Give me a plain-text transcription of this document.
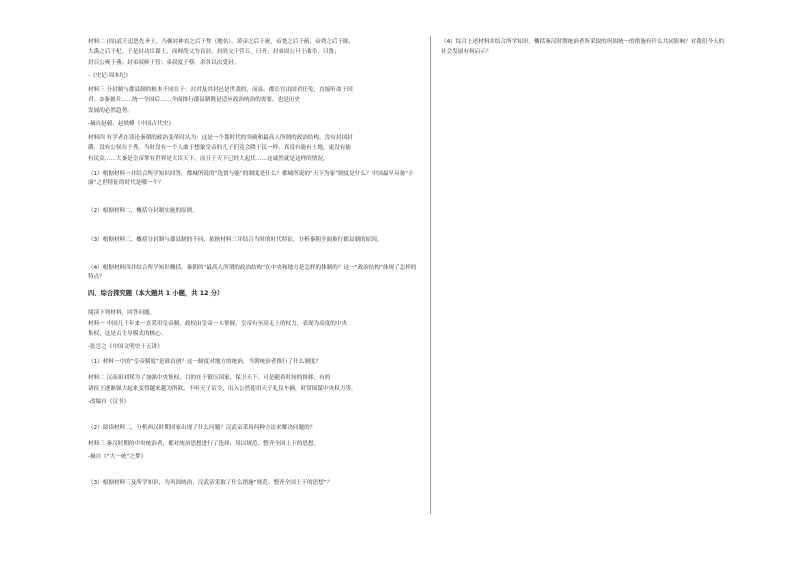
材料二 (周)武王追思先圣王，乃褒封神农之后于焦（地名），黄帝之后于祝，帝尧之后于蓟，帝舜之后于陈，

大禹之后于杞。于是封功臣谋士，而师尚父为首封。封尚父于营丘，曰齐。封弟周公旦于曲阜，曰鲁；

封召公奭于燕；封弟叔鲜于管；弟叔度于蔡。余各以次受封。

-《史记·周本纪》

材料三 分封制与郡县制的根本不同在于：封君及其封邑是世袭的，而县、郡长官由国君任免，直接听命于国

君。②秦兼并……统一全国后……全面推行郡县制既是适应政治统治的需要，也是历史

发展的必然趋势。

-摘自赵毅、赵轶峰《中国古代史》

材料四 有学者在谈论秦朝的政治变革时认为：这是一个划时代的突破和最高人所谓的政治结构，没有封国封

爵，没有公侯在于秀，当时没有一个人敢于想象皇帝的儿子们竟会降于民一样。真没有能有土地，更没有能

有民众……大秦是皇帝掌有世界是大臣天下，而且于天下已经大起伏……这诚然就是这样的情况。

（1）根据材料一并结合所学知识回答，都城所说的“选贤与能”的制度是什么？都城所说的“天下为家”制度是什么？中国最早具备“小康”之世特征的时代是哪一个？

（2）根据材料二，概括分封制实施的原则。

（3）根据材料三，概括分封制与郡县制的不同，依据材料三并结合当时的时代特征，分析秦朝全面推行郡县制的原因。

（4）根据材料四并结合所学知识概括，秦朝的“最高人所谓的政治结构”在中央和地方是怎样的体制的？这一“政治结构”体现了怎样的特点？

四、综合探究题（本大题共 1 小题，共 12 分）

阅读下列材料，回答问题。

材料一 中国几千年来一直采用皇帝制，政权由皇帝一人掌握。皇帝有至高无上的权力，表现为高度的中央

集权，这是古主导模式的核心。

-张岂之《中国文明史十五讲》

（1）材料一中的“皇帝制度”是谁首创？这一制度对地方的统治，当朝统治者推行了什么制度？

材料二 汉高祖刘邦为了加强中央集权，目的在于镇压国家，保卫天下。可是随着时间的推移，有的

诸侯王逐渐强大起来变得越来越为所欲，不听天子诏令，出入公然使用天子礼仪车辆，时常图谋中央权力等。

-改编自《汉书》

（2）阅读材料二，分析西汉时期国家出现了什么问题？汉武帝采用何种方法来解决问题的？

材料三 秦汉时期的中央统治者，都对统治思想进行了选择，用以规范、整齐全国上下的思想。

-摘自《“大一统”之梦》

（3）根据材料三及所学知识，为巩固统治，汉武帝采取了什么措施“规范、整齐全国上下的思想”？

（4）综合上述材料并结合所学知识，概括秦汉时期统治者所采取的巩固统一的措施有什么共同影响？对我们今天的

社会发展有何启示？
